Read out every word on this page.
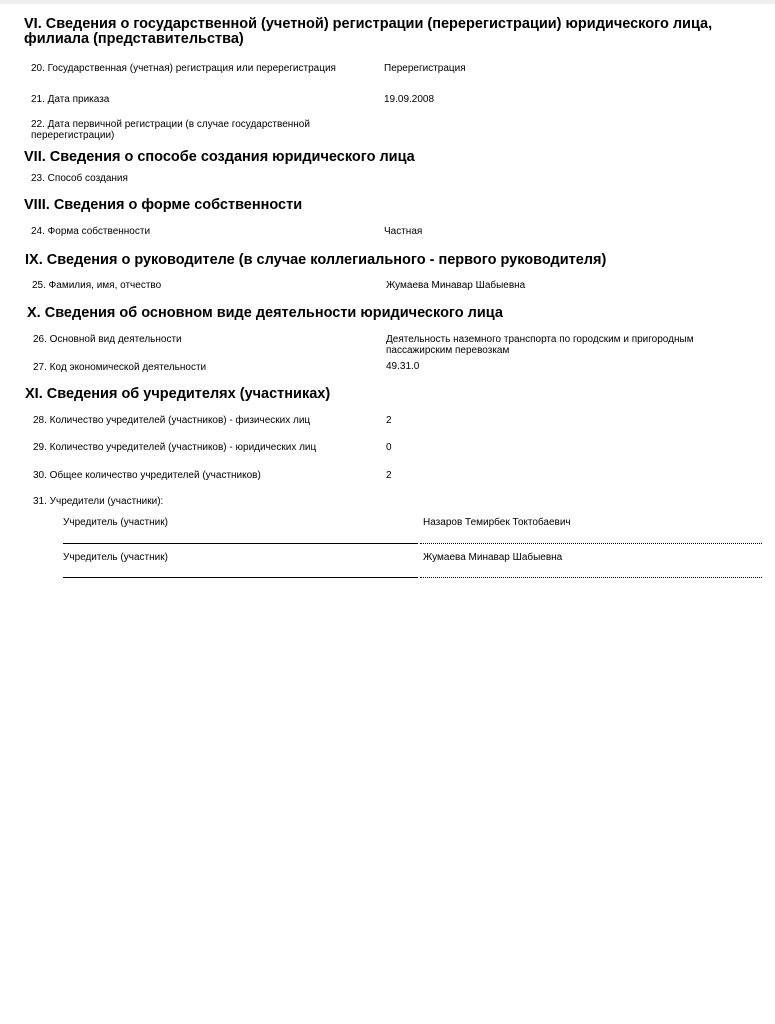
VI. Сведения о государственной (учетной) регистрации (перерегистрации) юридического лица, филиала (представительства)
20. Государственная (учетная) регистрация или перерегистрация	Перерегистрация
21. Дата приказа	19.09.2008
22. Дата первичной регистрации (в случае государственной перерегистрации)
VII. Сведения о способе создания юридического лица
23. Способ создания
VIII. Сведения о форме собственности
24. Форма собственности	Частная
IX. Сведения о руководителе (в случае коллегиального - первого руководителя)
25. Фамилия, имя, отчество	Жумаева Минавар Шабыевна
X. Сведения об основном виде деятельности юридического лица
26. Основной вид деятельности	Деятельность наземного транспорта по городским и пригородным пассажирским перевозкам
27. Код экономической деятельности	49.31.0
XI. Сведения об учредителях (участниках)
28. Количество учредителей (участников) - физических лиц	2
29. Количество учредителей (участников) - юридических лиц	0
30. Общее количество учредителей (участников)	2
31. Учредители (участники):
Учредитель (участник)	Назаров Темирбек Токтобаевич
Учредитель (участник)	Жумаева Минавар Шабыевна
